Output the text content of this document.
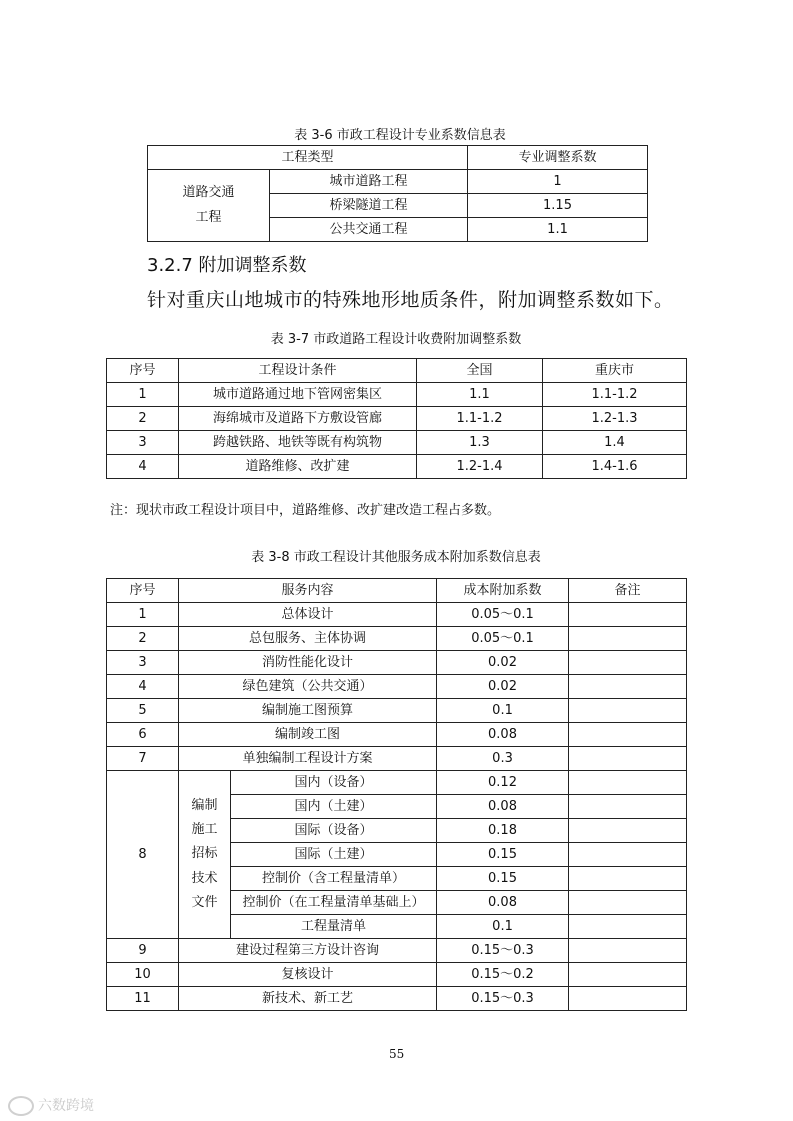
表 3-6 市政工程设计专业系数信息表
工程类型		专业调整系数

道路交通
工程	城市道路工程	1
	桥梁隧道工程	1.15
	公共交通工程	1.1
3.2.7 附加调整系数
针对重庆山地城市的特殊地形地质条件，附加调整系数如下。
表 3-7 市政道路工程设计收费附加调整系数
序号	工程设计条件	全国	重庆市
1	城市道路通过地下管网密集区	1.1	1.1-1.2
2	海绵城市及道路下方敷设管廊	1.1-1.2	1.2-1.3
3	跨越铁路、地铁等既有构筑物	1.3	1.4
4	道路维修、改扩建	1.2-1.4	1.4-1.6
注：现状市政工程设计项目中，道路维修、改扩建改造工程占多数。
表 3-8 市政工程设计其他服务成本附加系数信息表
序号	服务内容		成本附加系数	备注
1	总体设计		0.05～0.1	
2	总包服务、主体协调		0.05～0.1	
3	消防性能化设计		0.02	
4	绿色建筑（公共交通）		0.02	
5	编制施工图预算		0.1	
6	编制竣工图		0.08	
7	单独编制工程设计方案		0.3	
8	编制
施工
招标
技术
文件	国内（设备）	0.12	
		国内（土建）	0.08	
		国际（设备）	0.18	
		国际（土建）	0.15	
		控制价（含工程量清单）	0.15	
		控制价（在工程量清单基础上）	0.08	
		工程量清单	0.1	
9	建设过程第三方设计咨询		0.15～0.3	
10	复核设计		0.15～0.2	
11	新技术、新工艺		0.15～0.3	
55
六数跨境
